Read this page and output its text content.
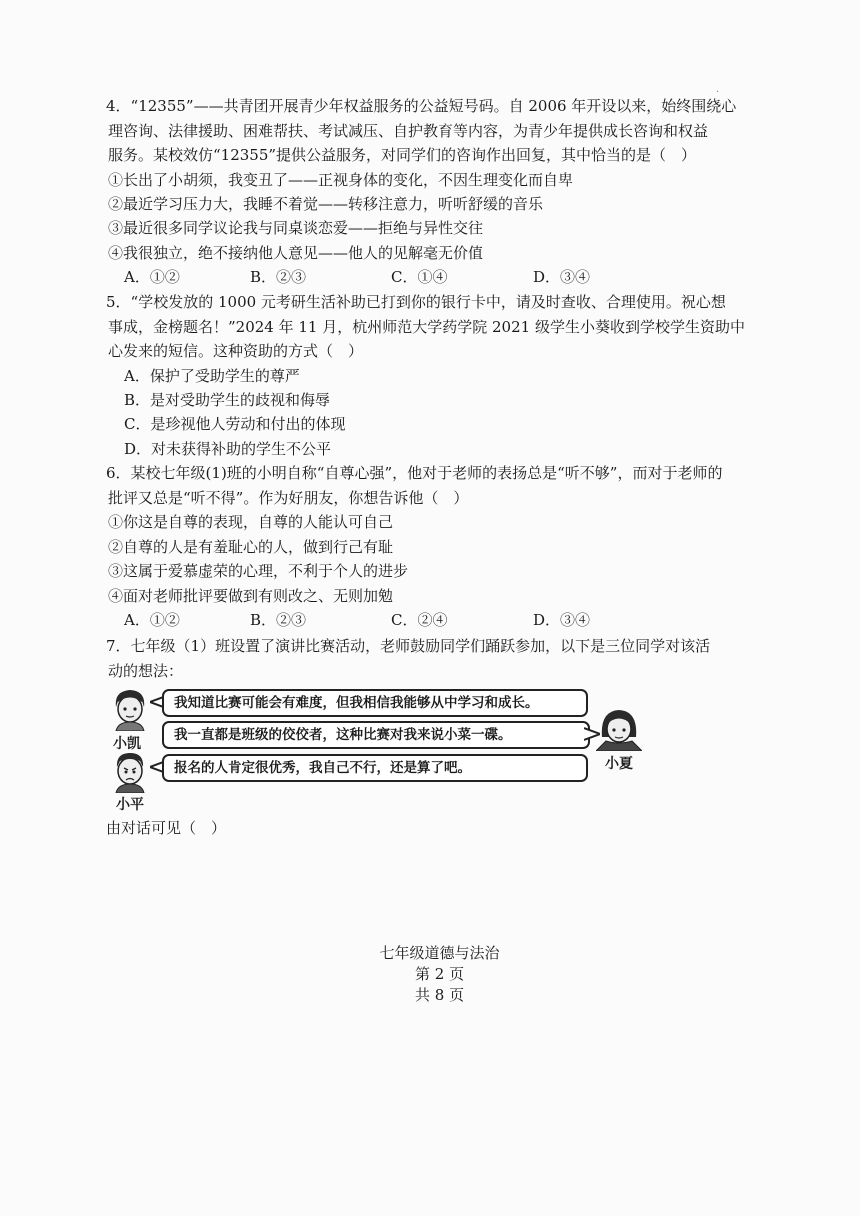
.
4．“12355”——共青团开展青少年权益服务的公益短号码。自 2006 年开设以来，始终围绕心
理咨询、法律援助、困难帮扶、考试减压、自护教育等内容，为青少年提供成长咨询和权益
服务。某校效仿“12355”提供公益服务，对同学们的咨询作出回复，其中恰当的是（　）
①长出了小胡须，我变丑了——正视身体的变化，不因生理变化而自卑
②最近学习压力大，我睡不着觉——转移注意力，听听舒缓的音乐
③最近很多同学议论我与同桌谈恋爱——拒绝与异性交往
④我很独立，绝不接纳他人意见——他人的见解毫无价值
A．①②	B．②③	C．①④	D．③④
5．“学校发放的 1000 元考研生活补助已打到你的银行卡中，请及时查收、合理使用。祝心想
事成，金榜题名！”2024 年 11 月，杭州师范大学药学院 2021 级学生小葵收到学校学生资助中
心发来的短信。这种资助的方式（　）
A．保护了受助学生的尊严
B．是对受助学生的歧视和侮辱
C．是珍视他人劳动和付出的体现
D．对未获得补助的学生不公平
6．某校七年级(1)班的小明自称“自尊心强”，他对于老师的表扬总是“听不够”，而对于老师的
批评又总是“听不得”。作为好朋友，你想告诉他（　）
①你这是自尊的表现，自尊的人能认可自己
②自尊的人是有羞耻心的人，做到行己有耻
③这属于爱慕虚荣的心理，不利于个人的进步
④面对老师批评要做到有则改之、无则加勉
A．①②	B．②③	C．②④	D．③④
7．七年级（1）班设置了演讲比赛活动，老师鼓励同学们踊跃参加，以下是三位同学对该活
动的想法：
小凯
我知道比赛可能会有难度，但我相信我能够从中学习和成长。
我一直都是班级的佼佼者，这种比赛对我来说小菜一碟。
小夏
小平
报名的人肯定很优秀，我自己不行，还是算了吧。
由对话可见（　）

七年级道德与法治
第 2 页
共 8 页
